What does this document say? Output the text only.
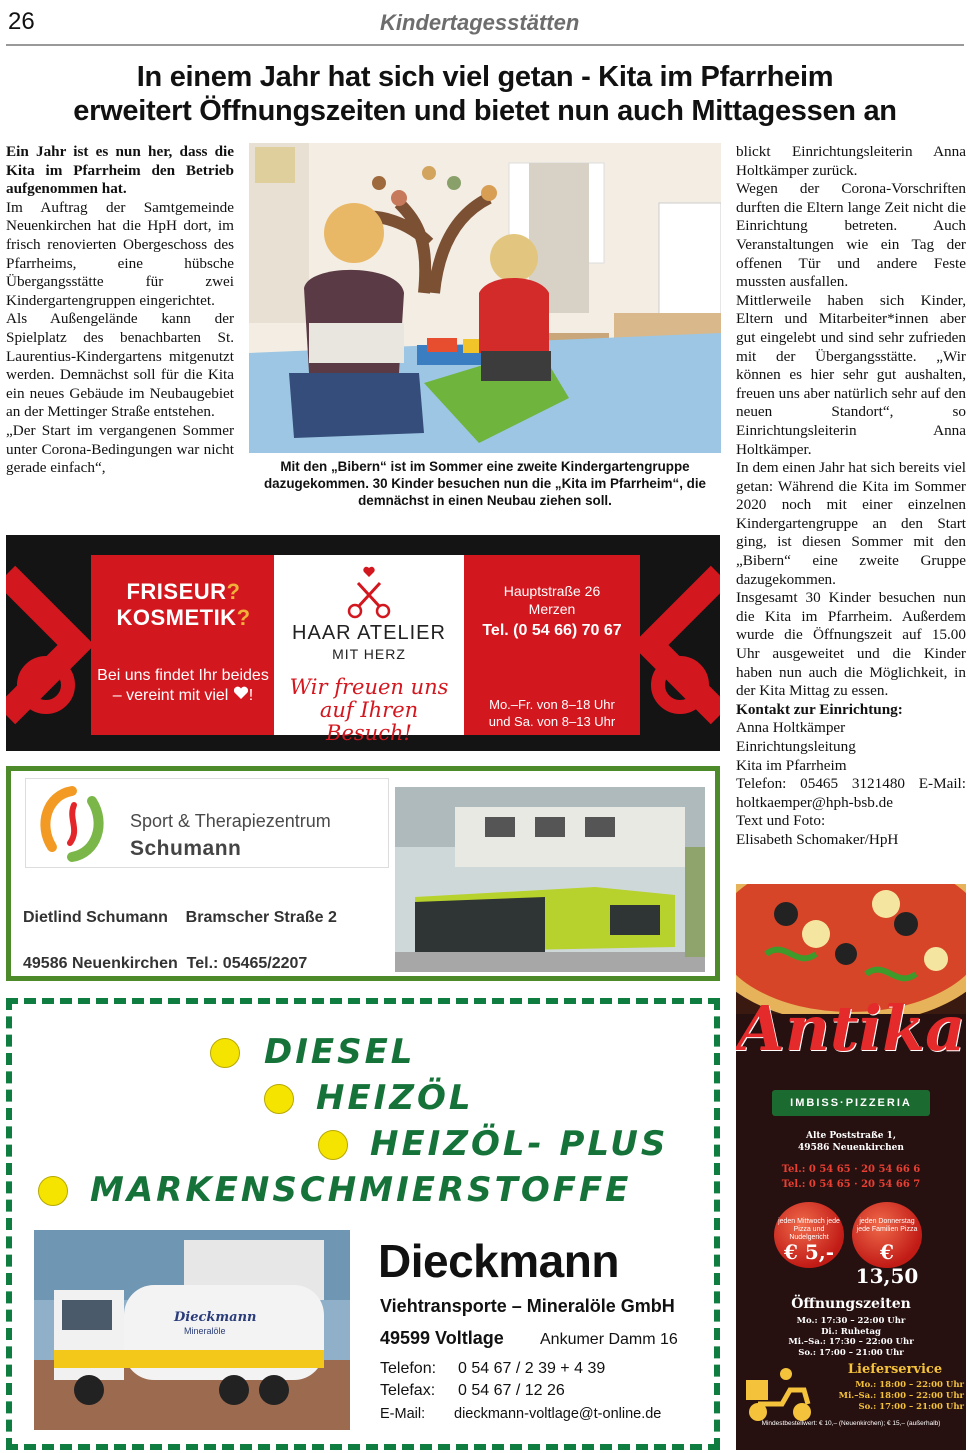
26	Kindertagesstätten
In einem Jahr hat sich viel getan - Kita im Pfarrheim
erweitert Öffnungszeiten und bietet nun auch Mittagessen an

Ein Jahr ist es nun her, dass die Kita im Pfarrheim den Betrieb aufgenommen hat.

Im Auftrag der Samtgemeinde Neuenkirchen hat die HpH dort, im frisch renovierten Obergeschoss des Pfarrheims, eine hübsche Übergangsstätte für zwei Kindergartengruppen eingerichtet.

Als Außengelände kann der Spielplatz des benachbarten St. Laurentius-Kindergartens mitgenutzt werden. Demnächst soll für die Kita ein neues Gebäude im Neubaugebiet an der Mettinger Straße entstehen.

„Der Start im vergangenen Sommer unter Corona-Bedingungen war nicht gerade einfach“,	Mit den „Bibern“ ist im Sommer eine zweite Kindergartengruppe dazugekommen. 30 Kinder besuchen nun die „Kita im Pfarrheim“, die demnächst in einen Neubau ziehen soll.

blickt Einrichtungsleiterin Anna Holtkämper zurück.

Wegen der Corona-Vorschriften durften die Eltern lange Zeit nicht die Einrichtung betreten. Auch Veranstaltungen wie ein Tag der offenen Tür und andere Feste mussten ausfallen.

Mittlerweile haben sich Kinder, Eltern und Mitarbeiter*innen aber gut eingelebt und sind sehr zufrieden mit der Übergangsstätte. „Wir können es hier sehr gut aushalten, freuen uns aber natürlich sehr auf den neuen Standort“, so Einrichtungsleiterin Anna Holtkämper.

In dem einen Jahr hat sich bereits viel getan: Während die Kita im Sommer 2020 noch mit einer einzelnen Kindergartengruppe an den Start ging, ist diesen Sommer mit den „Bibern“ eine zweite Gruppe dazugekommen.

Insgesamt 30 Kinder besuchen nun die Kita im Pfarrheim. Außerdem wurde die Öffnungszeit auf 15.00 Uhr ausgeweitet und die Kinder haben nun auch die Möglichkeit, in der Kita Mittag zu essen.

Kontakt zur Einrichtung:

Anna Holtkämper

Einrichtungsleitung

Kita im Pfarrheim

Telefon: 05465 3121480 E-Mail: holtkaemper@hph-bsb.de

Text und Foto:

Elisabeth Schomaker/HpH

FRISEUR?
KOSMETIK?
Bei uns findet Ihr beides – vereint mit viel !
HAAR ATELIER
MIT HERZ
Wir freuen uns auf Ihren Besuch!
Hauptstraße 26
Merzen
Tel. (0 54 66) 70 67
Mo.–Fr. von 8–18 Uhr
und Sa. von 8–13 Uhr
Sport & Therapiezentrum
Schumann
Dietlind Schumann    Bramscher Straße 2
49586 Neuenkirchen  Tel.: 05465/2207
DIESEL
HEIZÖL
HEIZÖL- PLUS
MARKENSCHMIERSTOFFE
Dieckmann
Mineralöle
Dieckmann
Viehtransporte – Mineralöle GmbH
49599 Voltlage Ankumer Damm 16
Telefon: 0 54 67 / 2 39 + 4 39
Telefax: 0 54 67 / 12 26
E-Mail: dieckmann-voltlage@t-online.de
Antika
IMBISS·PIZZERIA
Alte Poststraße 1,
49586 Neuenkirchen
Tel.: 0 54 65 · 20 54 66 6
Tel.: 0 54 65 · 20 54 66 7
jeden Mittwoch jede Pizza und Nudelgericht
€ 5,-
jeden Donnerstag jede Familien Pizza
€ 13,50
Öffnungszeiten
Mo.: 17:30 – 22:00 Uhr
Di.: Ruhetag
Mi.–Sa.: 17:30 – 22:00 Uhr
So.: 17:00 – 21:00 Uhr
Lieferservice
Mo.: 18:00 – 22:00 Uhr
Mi.–Sa.: 18:00 – 22:00 Uhr
So.: 17:00 – 21:00 Uhr
Mindestbestellwert: € 10,– (Neuenkirchen); € 15,– (außerhalb)
